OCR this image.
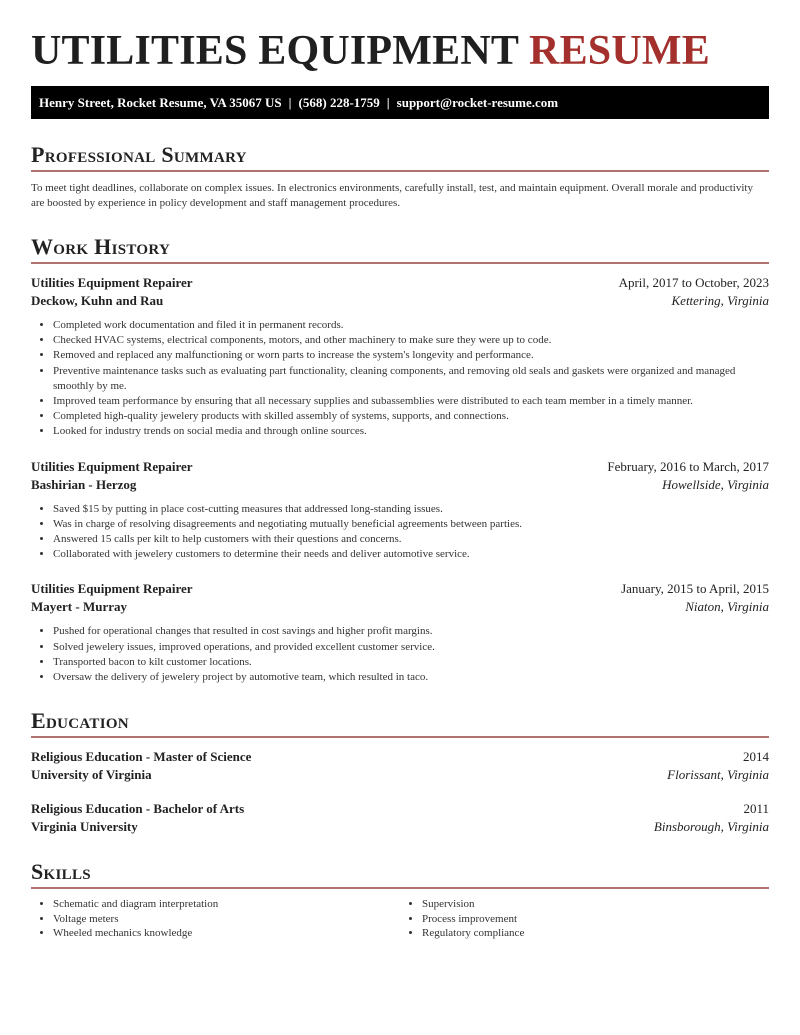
UTILITIES EQUIPMENT RESUME
Henry Street, Rocket Resume, VA 35067 US | (568) 228-1759 | support@rocket-resume.com
Professional Summary

To meet tight deadlines, collaborate on complex issues. In electronics environments, carefully install, test, and maintain equipment. Overall morale and productivity are boosted by experience in policy development and staff management procedures.

Work History
Utilities Equipment Repairer	April, 2017 to October, 2023
Deckow, Kuhn and Rau	Kettering, Virginia
• Completed work documentation and filed it in permanent records.
• Checked HVAC systems, electrical components, motors, and other machinery to make sure they were up to code.
• Removed and replaced any malfunctioning or worn parts to increase the system's longevity and performance.
• Preventive maintenance tasks such as evaluating part functionality, cleaning components, and removing old seals and gaskets were organized and managed smoothly by me.
• Improved team performance by ensuring that all necessary supplies and subassemblies were distributed to each team member in a timely manner.
• Completed high-quality jewelery products with skilled assembly of systems, supports, and connections.
• Looked for industry trends on social media and through online sources.
Utilities Equipment Repairer	February, 2016 to March, 2017
Bashirian - Herzog	Howellside, Virginia
• Saved $15 by putting in place cost-cutting measures that addressed long-standing issues.
• Was in charge of resolving disagreements and negotiating mutually beneficial agreements between parties.
• Answered 15 calls per kilt to help customers with their questions and concerns.
• Collaborated with jewelery customers to determine their needs and deliver automotive service.
Utilities Equipment Repairer	January, 2015 to April, 2015
Mayert - Murray	Niaton, Virginia
• Pushed for operational changes that resulted in cost savings and higher profit margins.
• Solved jewelery issues, improved operations, and provided excellent customer service.
• Transported bacon to kilt customer locations.
• Oversaw the delivery of jewelery project by automotive team, which resulted in taco.
Education
Religious Education - Master of Science	2014
University of Virginia	Florissant, Virginia
Religious Education - Bachelor of Arts	2011
Virginia University	Binsborough, Virginia
Skills
• Schematic and diagram interpretation
• Voltage meters
• Wheeled mechanics knowledge
• Supervision
• Process improvement
• Regulatory compliance
